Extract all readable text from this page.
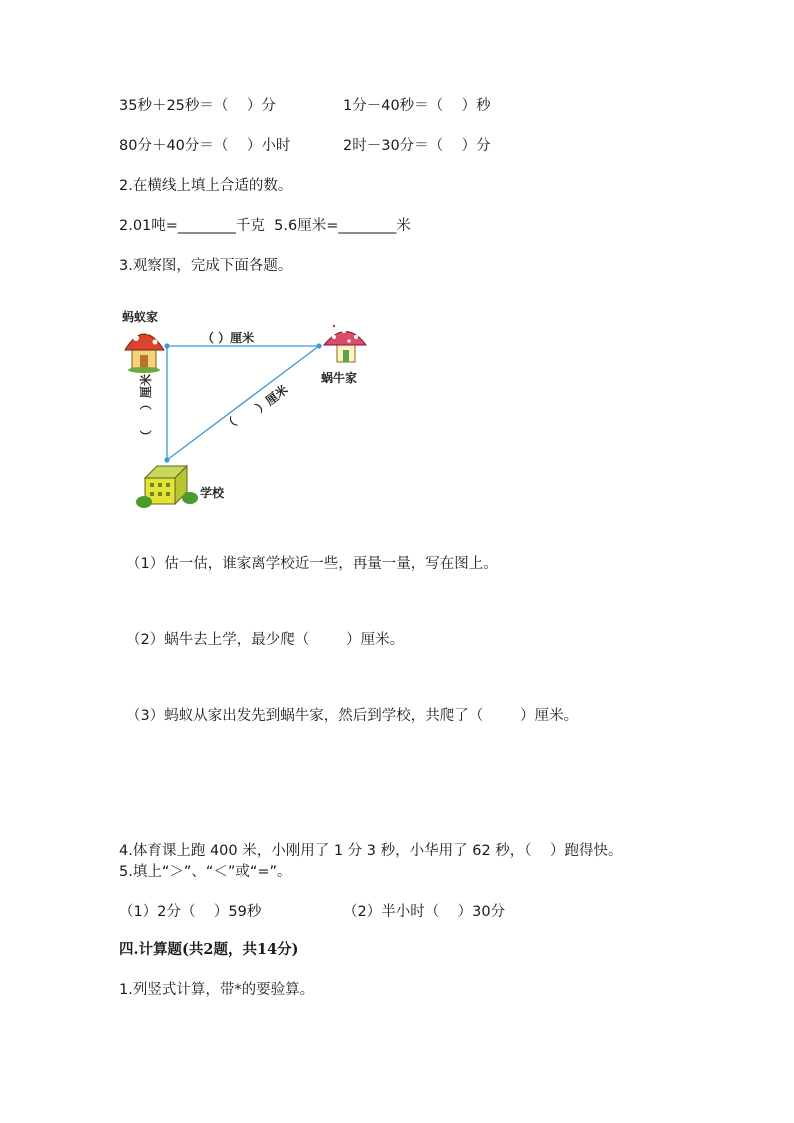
35秒＋25秒＝（    ）分	1分－40秒＝（    ）秒
80分＋40分＝（    ）小时	2时－30分＝（    ）分
2.在横线上填上合适的数。
2.01吨=________千克  5.6厘米=________米
3.观察图，完成下面各题。
蚂蚁家
蜗牛家
学校
（ ）厘米
）厘米
（
）厘米
（
（1）估一估，谁家离学校近一些，再量一量，写在图上。
（2）蜗牛去上学，最少爬（        ）厘米。
（3）蚂蚁从家出发先到蜗牛家，然后到学校，共爬了（        ）厘米。
4.体育课上跑 400 米，小刚用了 1 分 3 秒，小华用了 62 秒，（    ）跑得快。
5.填上“＞”、“＜”或“=”。
（1）2分（    ）59秒	（2）半小时（    ）30分
四.计算题(共2题，共14分)
1.列竖式计算，带*的要验算。
